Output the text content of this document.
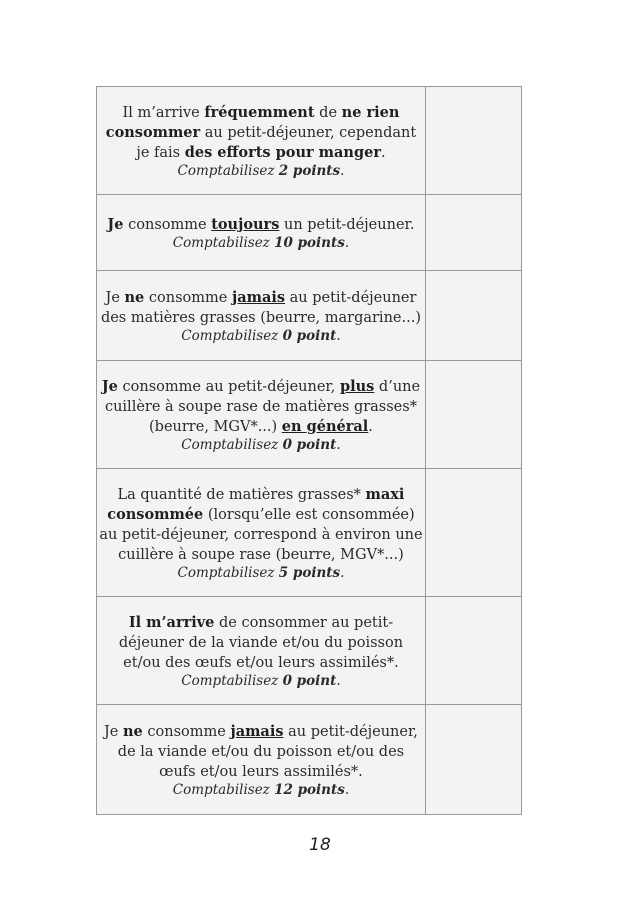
Il m’arrive fréquemment de ne rien consommer au petit-déjeuner, cependant je fais des efforts pour manger.
Comptabilisez 2 points.	

Je consomme toujours un petit-déjeuner.
Comptabilisez 10 points.	

Je ne consomme jamais au petit-déjeuner des matières grasses (beurre, margarine...)
Comptabilisez 0 point.	

Je consomme au petit-déjeuner, plus d’une cuillère à soupe rase de matières grasses* (beurre, MGV*...) en général.
Comptabilisez 0 point.	

La quantité de matières grasses* maxi consommée (lorsqu’elle est consommée) au petit-déjeuner, correspond à environ une cuillère à soupe rase (beurre, MGV*...)
Comptabilisez 5 points.	

Il m’arrive de consommer au petit-déjeuner de la viande et/ou du poisson et/ou des œufs et/ou leurs assimilés*.
Comptabilisez 0 point.	

Je ne consomme jamais au petit-déjeuner, de la viande et/ou du poisson et/ou des œufs et/ou leurs assimilés*.
Comptabilisez 12 points.	

18
